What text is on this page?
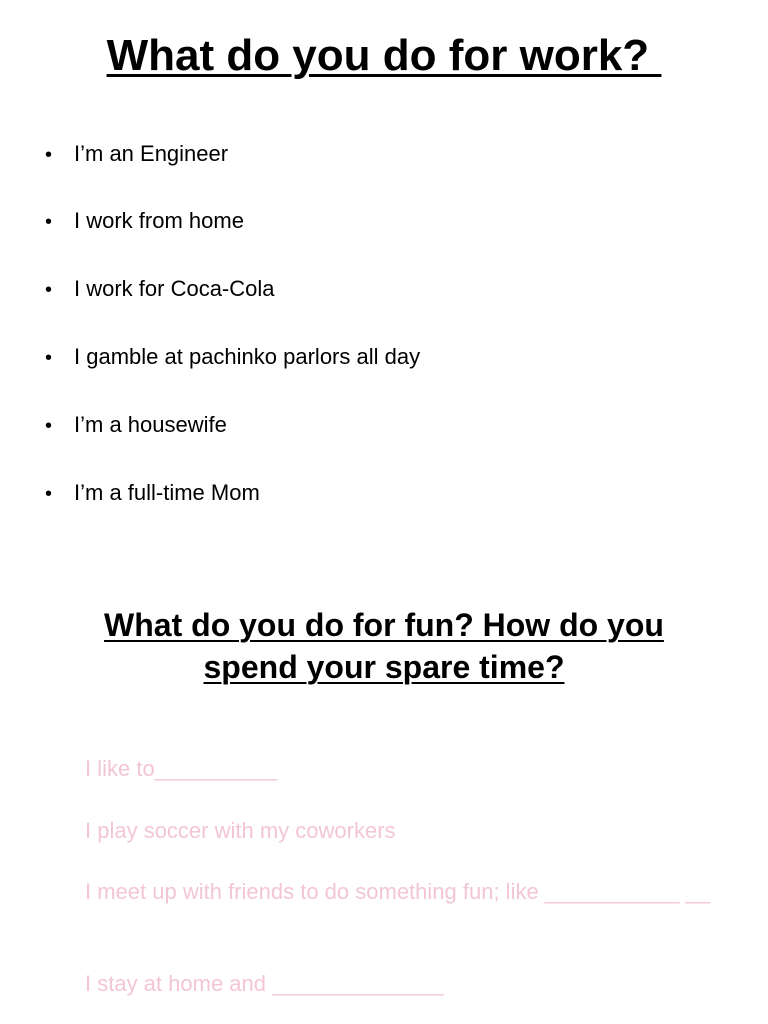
What do you do for work?
• I’m an Engineer
• I work from home
• I work for Coca-Cola
• I gamble at pachinko parlors all day
• I’m a housewife
• I’m a full-time Mom
What do you do for fun? How do you
spend your spare time?
I like to__________
I play soccer with my coworkers
I meet up with friends to do something fun; like ___________ __
I stay at home and ______________
